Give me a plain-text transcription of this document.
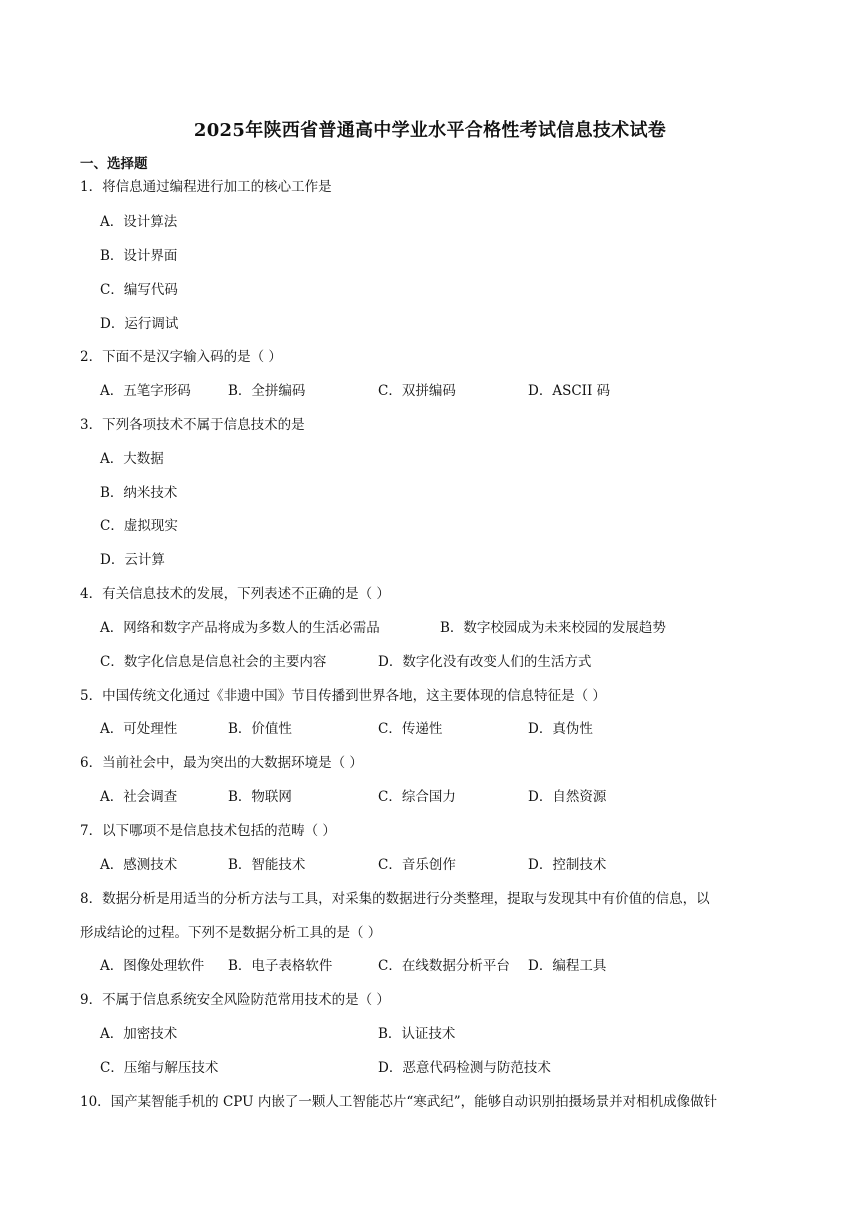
2025年陕西省普通高中学业水平合格性考试信息技术试卷
一、选择题
1．将信息通过编程进行加工的核心工作是
A．设计算法
B．设计界面
C．编写代码
D．运行调试
2．下面不是汉字输入码的是（ ）
A．五笔字形码	B．全拼编码	C．双拼编码	D．ASCII 码
3．下列各项技术不属于信息技术的是
A．大数据
B．纳米技术
C．虚拟现实
D．云计算
4．有关信息技术的发展，下列表述不正确的是（ ）
A．网络和数字产品将成为多数人的生活必需品	B．数字校园成为未来校园的发展趋势
C．数字化信息是信息社会的主要内容	D．数字化没有改变人们的生活方式
5．中国传统文化通过《非遗中国》节目传播到世界各地，这主要体现的信息特征是（ ）
A．可处理性	B．价值性	C．传递性	D．真伪性
6．当前社会中，最为突出的大数据环境是（ ）
A．社会调查	B．物联网	C．综合国力	D．自然资源
7．以下哪项不是信息技术包括的范畴（ ）
A．感测技术	B．智能技术	C．音乐创作	D．控制技术
8．数据分析是用适当的分析方法与工具，对采集的数据进行分类整理，提取与发现其中有价值的信息，以
形成结论的过程。下列不是数据分析工具的是（ ）
A．图像处理软件 B．电子表格软件	C．在线数据分析平台 D．编程工具
9．不属于信息系统安全风险防范常用技术的是（ ）
A．加密技术	B．认证技术
C．压缩与解压技术	D．恶意代码检测与防范技术
10．国产某智能手机的 CPU 内嵌了一颗人工智能芯片“寒武纪”，能够自动识别拍摄场景并对相机成像做针
